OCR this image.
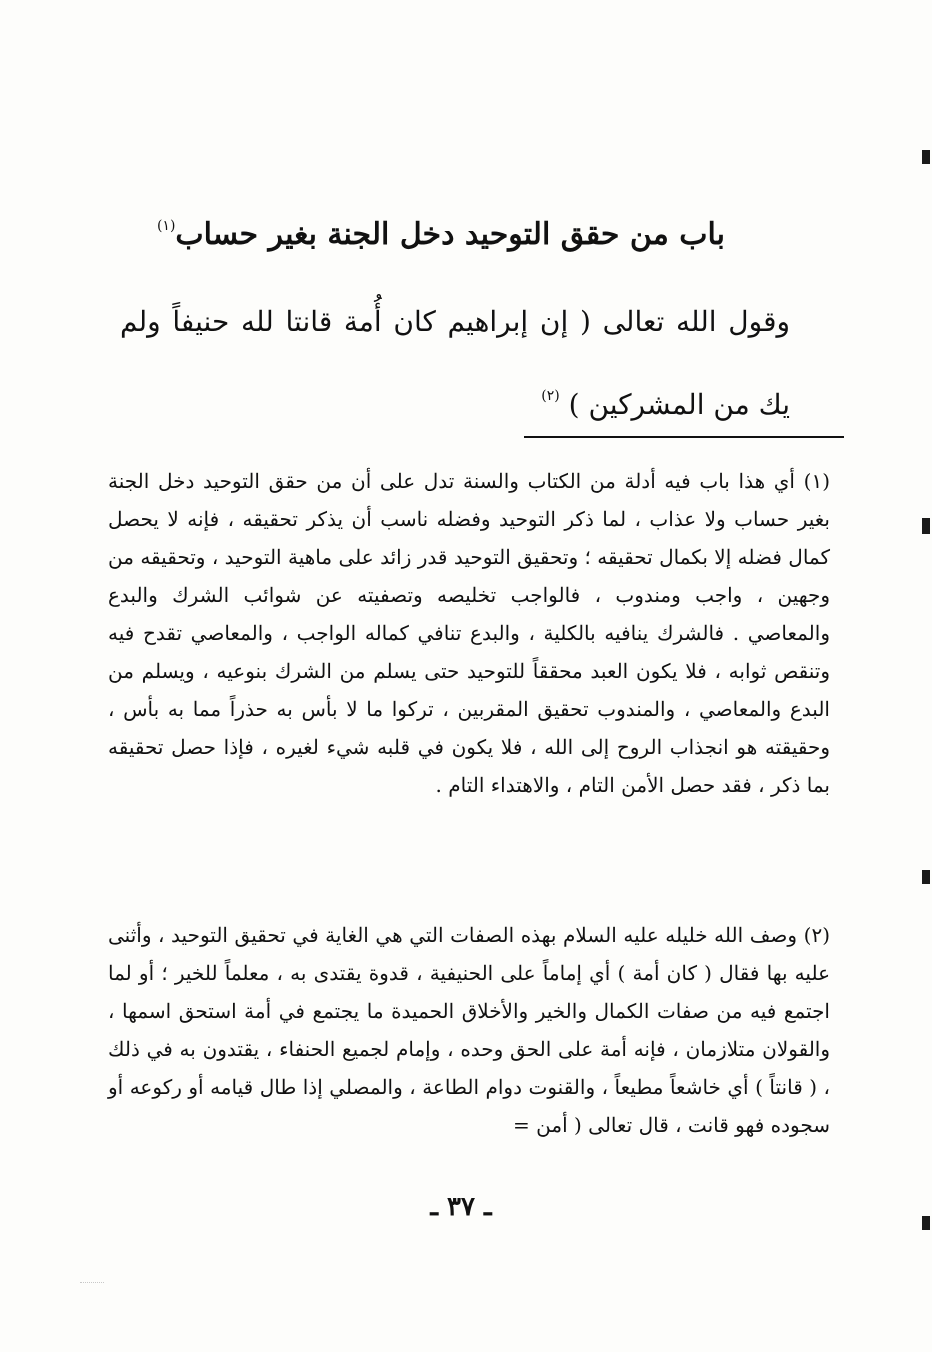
باب من حقق التوحيد دخل الجنة بغير حساب$^{(١)}$

وقول الله تعالى ( إن إبراهيم كان أُمة قانتا لله حنيفاً ولم يك من المشركين ) $^{(٢)}$

(١) أي هذا باب فيه أدلة من الكتاب والسنة تدل على أن من حقق التوحيد دخل الجنة بغير حساب ولا عذاب ، لما ذكر التوحيد وفضله ناسب أن يذكر تحقيقه ، فإنه لا يحصل كمال فضله إلا بكمال تحقيقه ؛ وتحقيق التوحيد قدر زائد على ماهية التوحيد ، وتحقيقه من وجهين ، واجب ومندوب ، فالواجب تخليصه وتصفيته عن شوائب الشرك والبدع والمعاصي . فالشرك ينافيه بالكلية ، والبدع تنافي كماله الواجب ، والمعاصي تقدح فيه وتنقص ثوابه ، فلا يكون العبد محققاً للتوحيد حتى يسلم من الشرك بنوعيه ، ويسلم من البدع والمعاصي ، والمندوب تحقيق المقربين ، تركوا ما لا بأس به حذراً مما به بأس ، وحقيقته هو انجذاب الروح إلى الله ، فلا يكون في قلبه شيء لغيره ، فإذا حصل تحقيقه بما ذكر ، فقد حصل الأمن التام ، والاهتداء التام .

(٢) وصف الله خليله عليه السلام بهذه الصفات التي هي الغاية في تحقيق التوحيد ، وأثنى عليه بها فقال ( كان أمة ) أي إماماً على الحنيفية ، قدوة يقتدى به ، معلماً للخير ؛ أو لما اجتمع فيه من صفات الكمال والخير والأخلاق الحميدة ما يجتمع في أمة استحق اسمها ، والقولان متلازمان ، فإنه أمة على الحق وحده ، وإمام لجميع الحنفاء ، يقتدون به في ذلك ، ( قانتاً ) أي خاشعاً مطيعاً ، والقنوت دوام الطاعة ، والمصلي إذا طال قيامه أو ركوعه أو سجوده فهو قانت ، قال تعالى ( أمن =

ـ ٣٧ ـ
